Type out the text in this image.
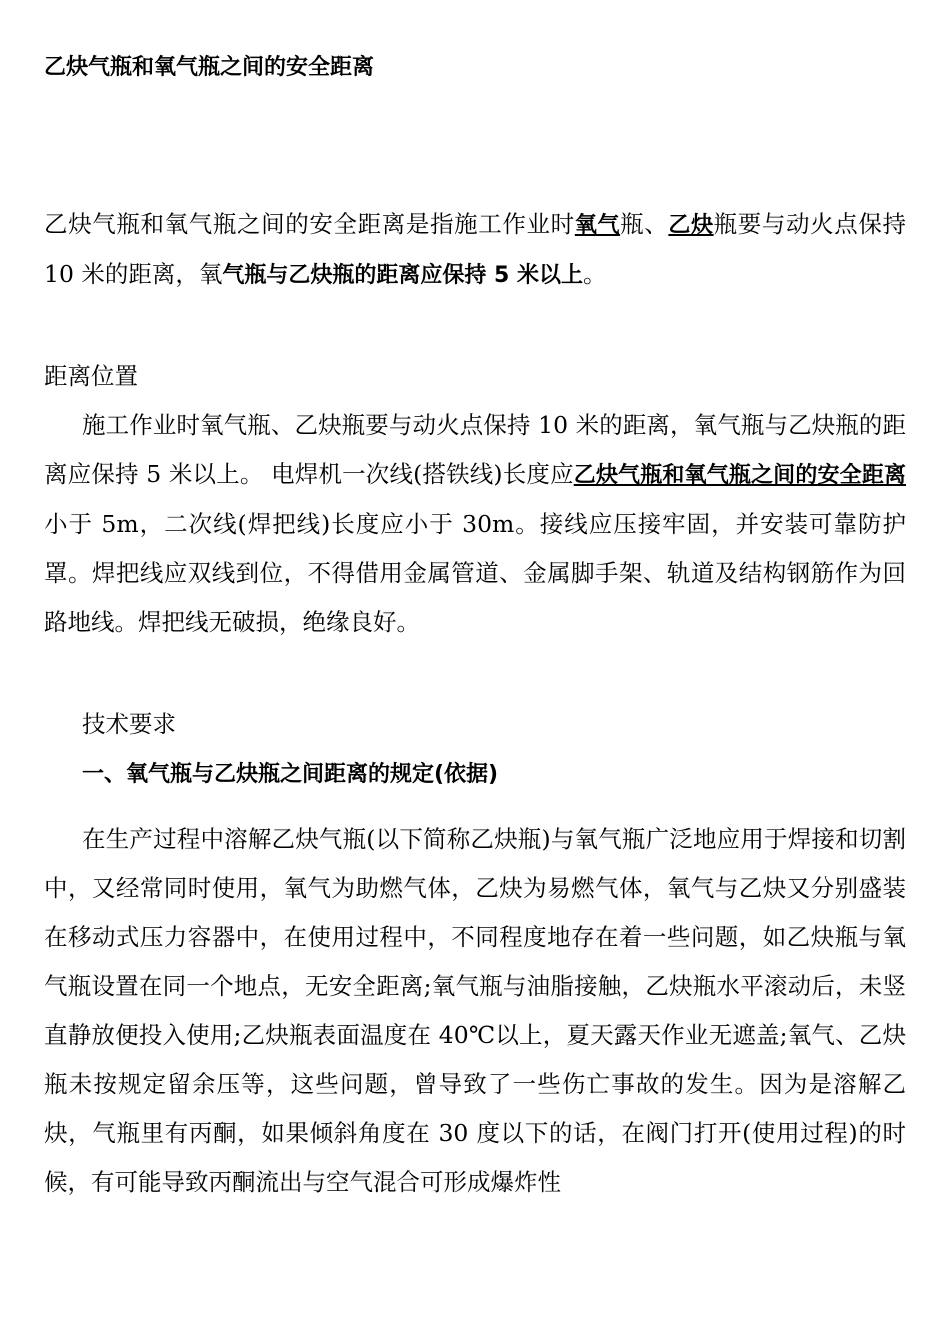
乙炔气瓶和氧气瓶之间的安全距离
乙炔气瓶和氧气瓶之间的安全距离是指施工作业时氧气瓶、乙炔瓶要与动火点保持 10 米的距离，氧气瓶与乙炔瓶的距离应保持 5 米以上。
距离位置
施工作业时氧气瓶、乙炔瓶要与动火点保持 10 米的距离，氧气瓶与乙炔瓶的距离应保持 5 米以上。 电焊机一次线(搭铁线)长度应乙炔气瓶和氧气瓶之间的安全距离小于 5m，二次线(焊把线)长度应小于 30m。接线应压接牢固，并安装可靠防护罩。焊把线应双线到位，不得借用金属管道、金属脚手架、轨道及结构钢筋作为回路地线。焊把线无破损，绝缘良好。
技术要求
一、氧气瓶与乙炔瓶之间距离的规定(依据)
在生产过程中溶解乙炔气瓶(以下简称乙炔瓶)与氧气瓶广泛地应用于焊接和切割中，又经常同时使用，氧气为助燃气体，乙炔为易燃气体，氧气与乙炔又分别盛装在移动式压力容器中，在使用过程中，不同程度地存在着一些问题，如乙炔瓶与氧气瓶设置在同一个地点，无安全距离;氧气瓶与油脂接触，乙炔瓶水平滚动后，未竖直静放便投入使用;乙炔瓶表面温度在 40℃以上，夏天露天作业无遮盖;氧气、乙炔瓶未按规定留余压等，这些问题，曾导致了一些伤亡事故的发生。因为是溶解乙炔，气瓶里有丙酮，如果倾斜角度在 30 度以下的话，在阀门打开(使用过程)的时候，有可能导致丙酮流出与空气混合可形成爆炸性
